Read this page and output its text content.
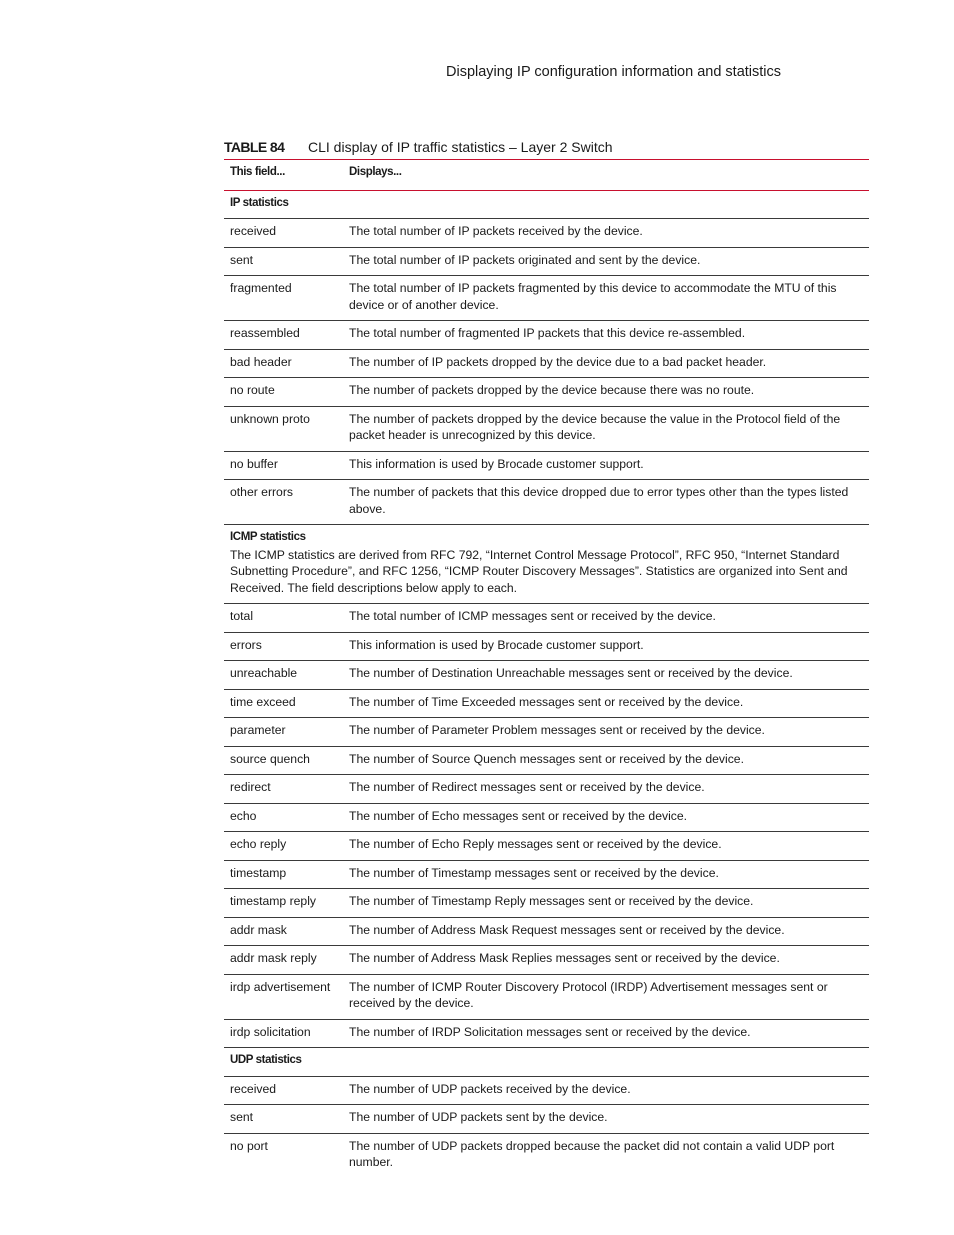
Displaying IP configuration information and statistics
TABLE 84 CLI display of IP traffic statistics – Layer 2 Switch
This field...	Displays...
IP statistics
received	The total number of IP packets received by the device.
sent	The total number of IP packets originated and sent by the device.
fragmented	The total number of IP packets fragmented by this device to accommodate the MTU of this device or of another device.
reassembled	The total number of fragmented IP packets that this device re-assembled.
bad header	The number of IP packets dropped by the device due to a bad packet header.
no route	The number of packets dropped by the device because there was no route.
unknown proto	The number of packets dropped by the device because the value in the Protocol field of the packet header is unrecognized by this device.
no buffer	This information is used by Brocade customer support.
other errors	The number of packets that this device dropped due to error types other than the types listed above.
ICMP statistics
The ICMP statistics are derived from RFC 792, “Internet Control Message Protocol”, RFC 950, “Internet Standard Subnetting Procedure”, and RFC 1256, “ICMP Router Discovery Messages”. Statistics are organized into Sent and Received. The field descriptions below apply to each.
total	The total number of ICMP messages sent or received by the device.
errors	This information is used by Brocade customer support.
unreachable	The number of Destination Unreachable messages sent or received by the device.
time exceed	The number of Time Exceeded messages sent or received by the device.
parameter	The number of Parameter Problem messages sent or received by the device.
source quench	The number of Source Quench messages sent or received by the device.
redirect	The number of Redirect messages sent or received by the device.
echo	The number of Echo messages sent or received by the device.
echo reply	The number of Echo Reply messages sent or received by the device.
timestamp	The number of Timestamp messages sent or received by the device.
timestamp reply	The number of Timestamp Reply messages sent or received by the device.
addr mask	The number of Address Mask Request messages sent or received by the device.
addr mask reply	The number of Address Mask Replies messages sent or received by the device.
irdp advertisement	The number of ICMP Router Discovery Protocol (IRDP) Advertisement messages sent or received by the device.
irdp solicitation	The number of IRDP Solicitation messages sent or received by the device.
UDP statistics
received	The number of UDP packets received by the device.
sent	The number of UDP packets sent by the device.
no port	The number of UDP packets dropped because the packet did not contain a valid UDP port number.
